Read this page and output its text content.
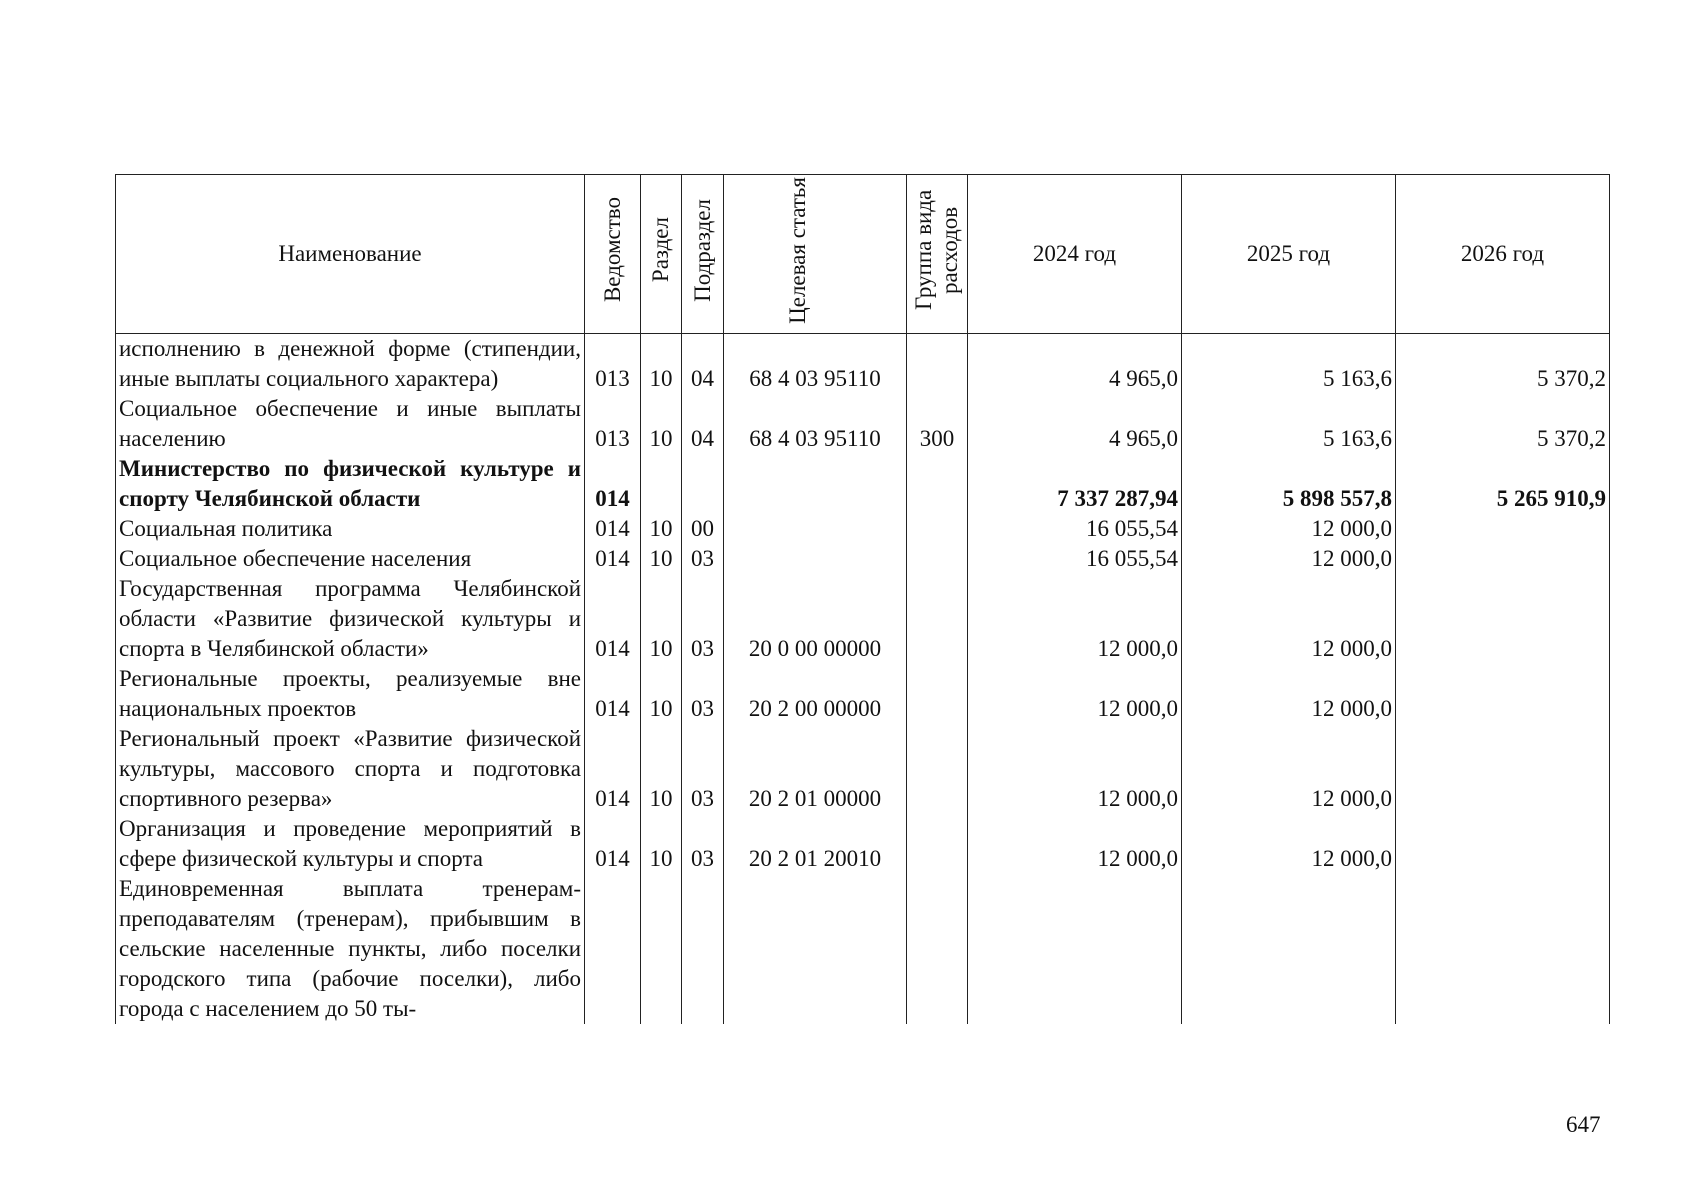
Наименование	Ведомство	Раздел	Подраздел	Целевая статья	Группа вида расходов	2024 год	2025 год	2026 год
исполнению в денежной форме (стипендии, иные выплаты социального характера)	013	10	04	68 4 03 95110		4 965,0	5 163,6	5 370,2
Социальное обеспечение и иные выплаты населению	013	10	04	68 4 03 95110	300	4 965,0	5 163,6	5 370,2
Министерство по физической культуре и спорту Челябинской области	014					7 337 287,94	5 898 557,8	5 265 910,9
Социальная политика	014	10	00			16 055,54	12 000,0	
Социальное обеспечение населения	014	10	03			16 055,54	12 000,0	
Государственная программа Челябинской области «Развитие физической культуры и спорта в Челябинской области»	014	10	03	20 0 00 00000		12 000,0	12 000,0	
Региональные проекты, реализуемые вне национальных проектов	014	10	03	20 2 00 00000		12 000,0	12 000,0	
Региональный проект «Развитие физической культуры, массового спорта и подготовка спортивного резерва»	014	10	03	20 2 01 00000		12 000,0	12 000,0	
Организация и проведение мероприятий в сфере физической культуры и спорта	014	10	03	20 2 01 20010		12 000,0	12 000,0	
Единовременная выплата тренерам-преподавателям (тренерам), прибывшим в сельские населенные пункты, либо поселки городского типа (рабочие поселки), либо города с населением до 50 ты-								
647
